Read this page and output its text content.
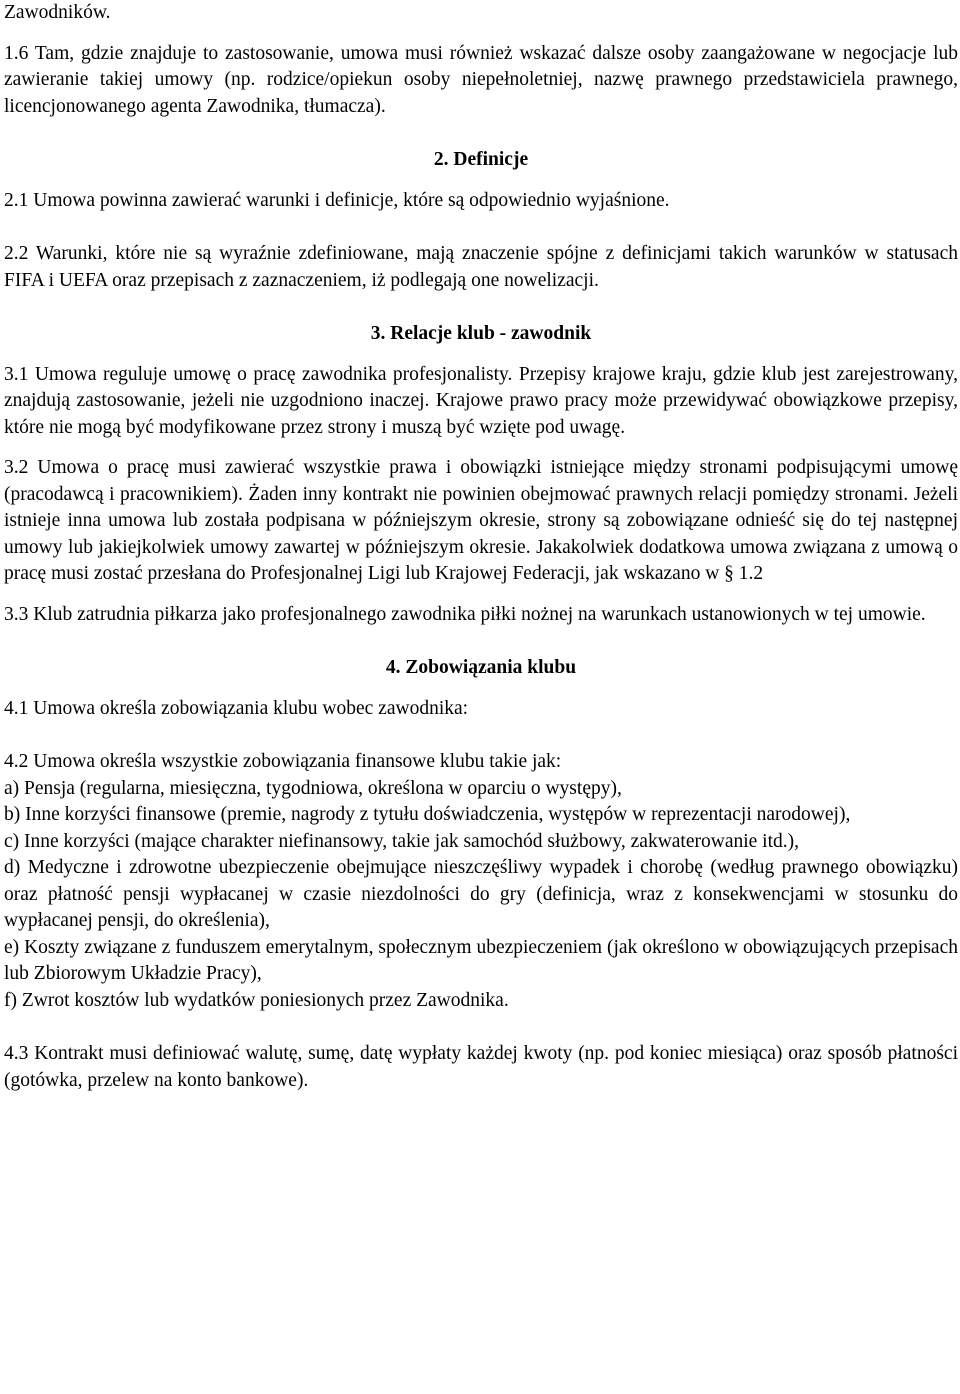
Zawodników.

1.6 Tam, gdzie znajduje to zastosowanie, umowa musi również wskazać dalsze osoby zaangażowane w negocjacje lub zawieranie takiej umowy (np. rodzice/opiekun osoby niepełnoletniej, nazwę prawnego przedstawiciela prawnego, licencjonowanego agenta Zawodnika, tłumacza).

2. Definicje

2.1 Umowa powinna zawierać warunki i definicje, które są odpowiednio wyjaśnione.

2.2 Warunki, które nie są wyraźnie zdefiniowane, mają znaczenie spójne z definicjami takich warunków w statusach FIFA i UEFA oraz przepisach z zaznaczeniem, iż podlegają one nowelizacji.

3. Relacje klub - zawodnik

3.1 Umowa reguluje umowę o pracę zawodnika profesjonalisty. Przepisy krajowe kraju, gdzie klub jest zarejestrowany, znajdują zastosowanie, jeżeli nie uzgodniono inaczej. Krajowe prawo pracy może przewidywać obowiązkowe przepisy, które nie mogą być modyfikowane przez strony i muszą być wzięte pod uwagę.

3.2 Umowa o pracę musi zawierać wszystkie prawa i obowiązki istniejące między stronami podpisującymi umowę (pracodawcą i pracownikiem). Żaden inny kontrakt nie powinien obejmować prawnych relacji pomiędzy stronami. Jeżeli istnieje inna umowa lub została podpisana w późniejszym okresie, strony są zobowiązane odnieść się do tej następnej umowy lub jakiejkolwiek umowy zawartej w późniejszym okresie. Jakakolwiek dodatkowa umowa związana z umową o pracę musi zostać przesłana do Profesjonalnej Ligi lub Krajowej Federacji, jak wskazano w § 1.2

3.3 Klub zatrudnia piłkarza jako profesjonalnego zawodnika piłki nożnej na warunkach ustanowionych w tej umowie.

4. Zobowiązania klubu

4.1 Umowa określa zobowiązania klubu wobec zawodnika:

4.2 Umowa określa wszystkie zobowiązania finansowe klubu takie jak:

a) Pensja (regularna, miesięczna, tygodniowa, określona w oparciu o występy),

b) Inne korzyści finansowe (premie, nagrody z tytułu doświadczenia, występów w reprezentacji narodowej),

c) Inne korzyści (mające charakter niefinansowy, takie jak samochód służbowy, zakwaterowanie itd.),

d) Medyczne i zdrowotne ubezpieczenie obejmujące nieszczęśliwy wypadek i chorobę (według prawnego obowiązku) oraz płatność pensji wypłacanej w czasie niezdolności do gry (definicja, wraz z konsekwencjami w stosunku do wypłacanej pensji, do określenia),

e) Koszty związane z funduszem emerytalnym, społecznym ubezpieczeniem (jak określono w obowiązujących przepisach lub Zbiorowym Układzie Pracy),

f) Zwrot kosztów lub wydatków poniesionych przez Zawodnika.

4.3 Kontrakt musi definiować walutę, sumę, datę wypłaty każdej kwoty (np. pod koniec miesiąca) oraz sposób płatności (gotówka, przelew na konto bankowe).
